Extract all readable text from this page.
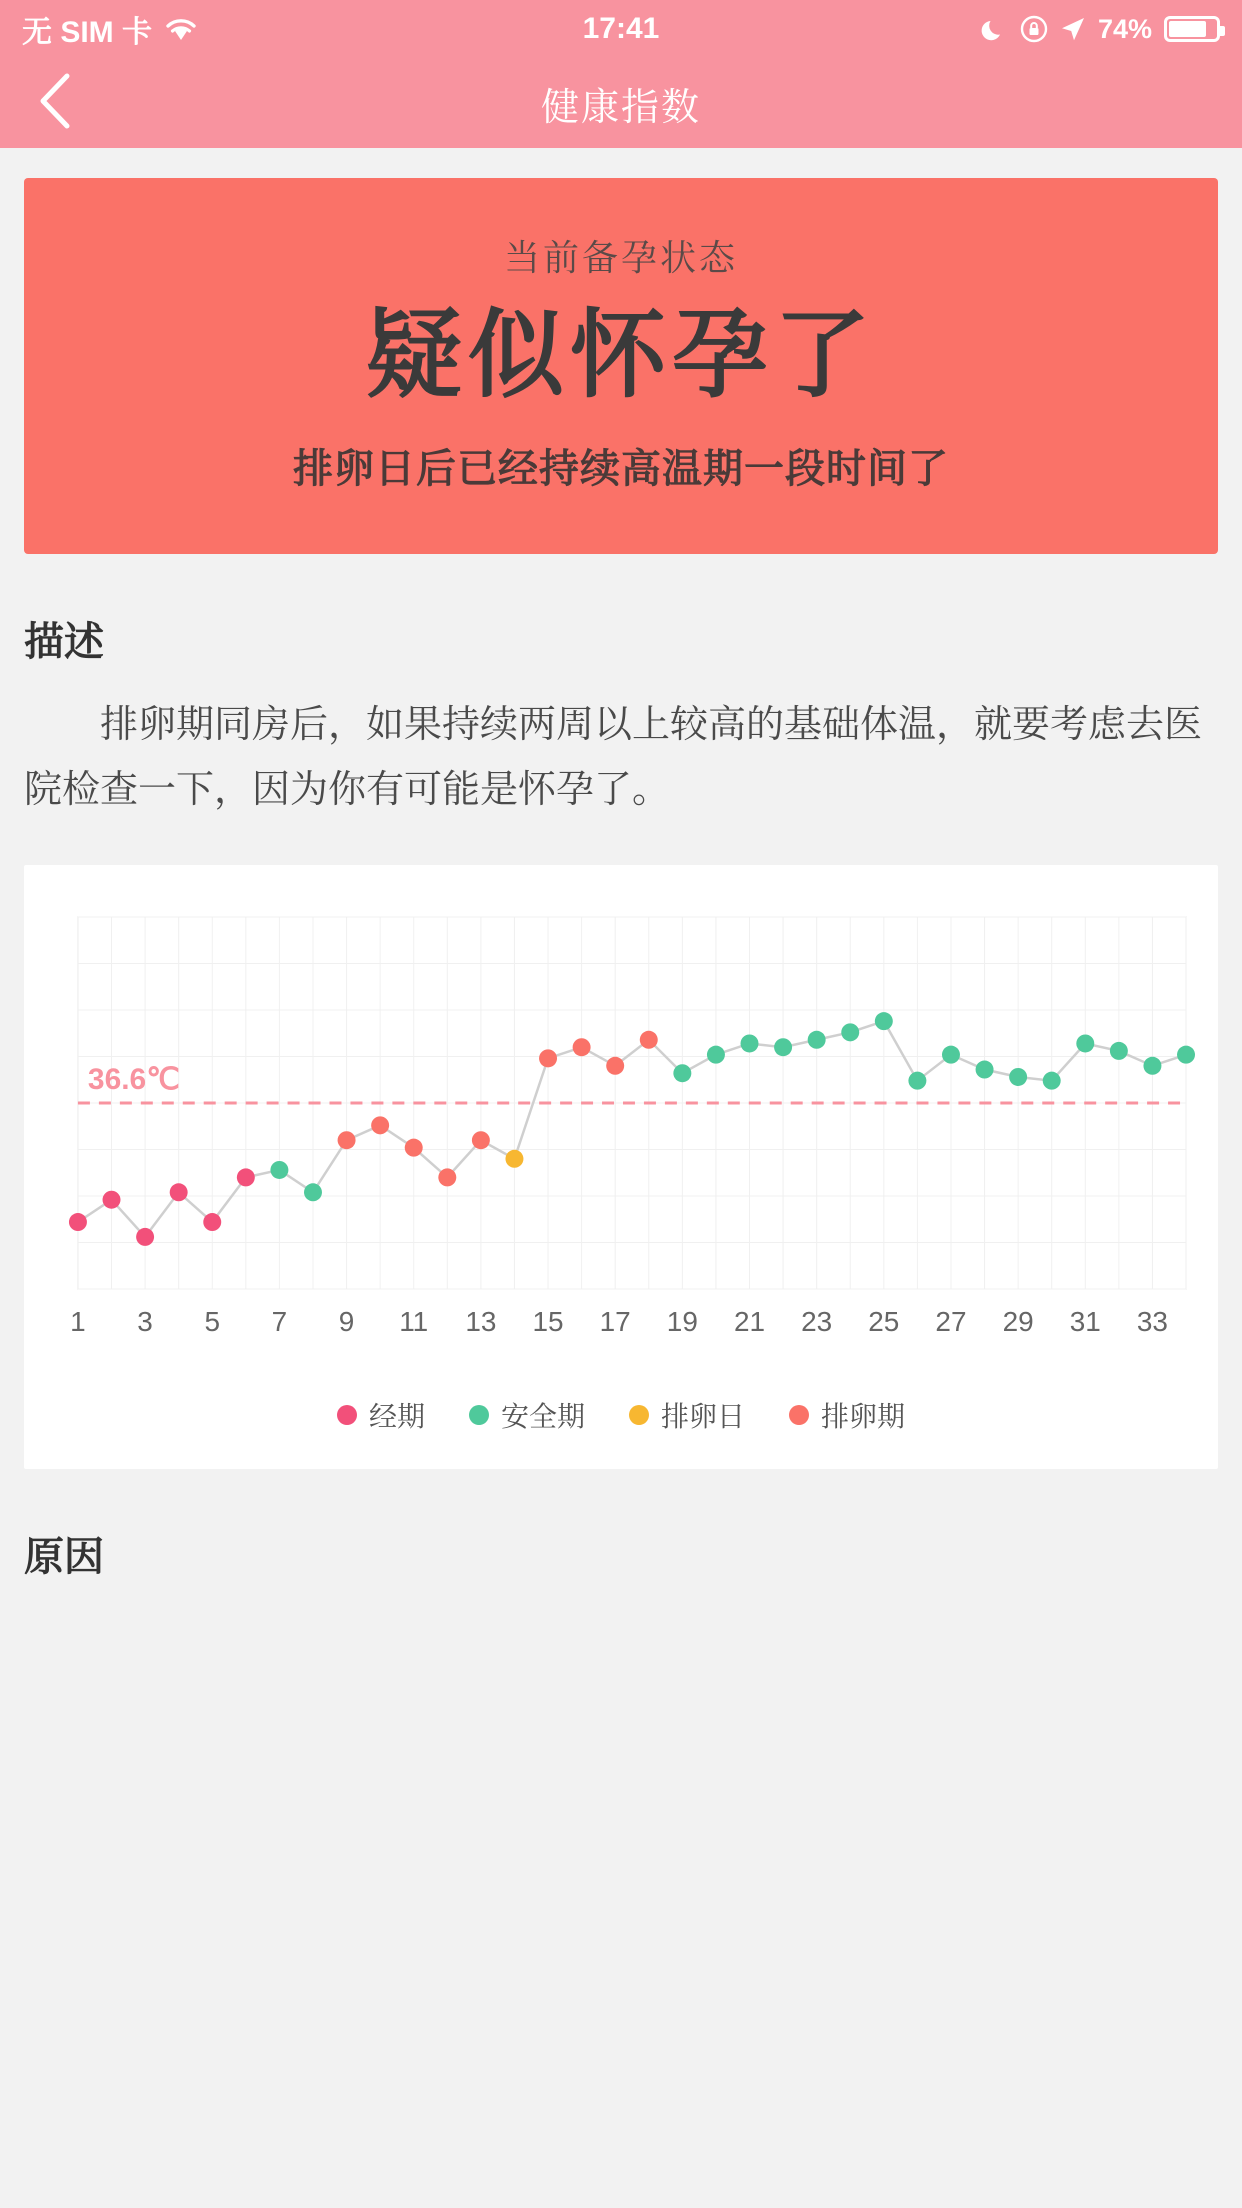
无 SIM 卡	17:41	74%
健康指数
当前备孕状态
疑似怀孕了
排卵日后已经持续高温期一段时间了
描述
排卵期同房后，如果持续两周以上较高的基础体温，就要考虑去医院检查一下，因为你有可能是怀孕了。
36.6℃
1 3 5 7 9 11 13 15 17 19 21 23 25 27 29 31 33
经期	安全期	排卵日	排卵期
原因
